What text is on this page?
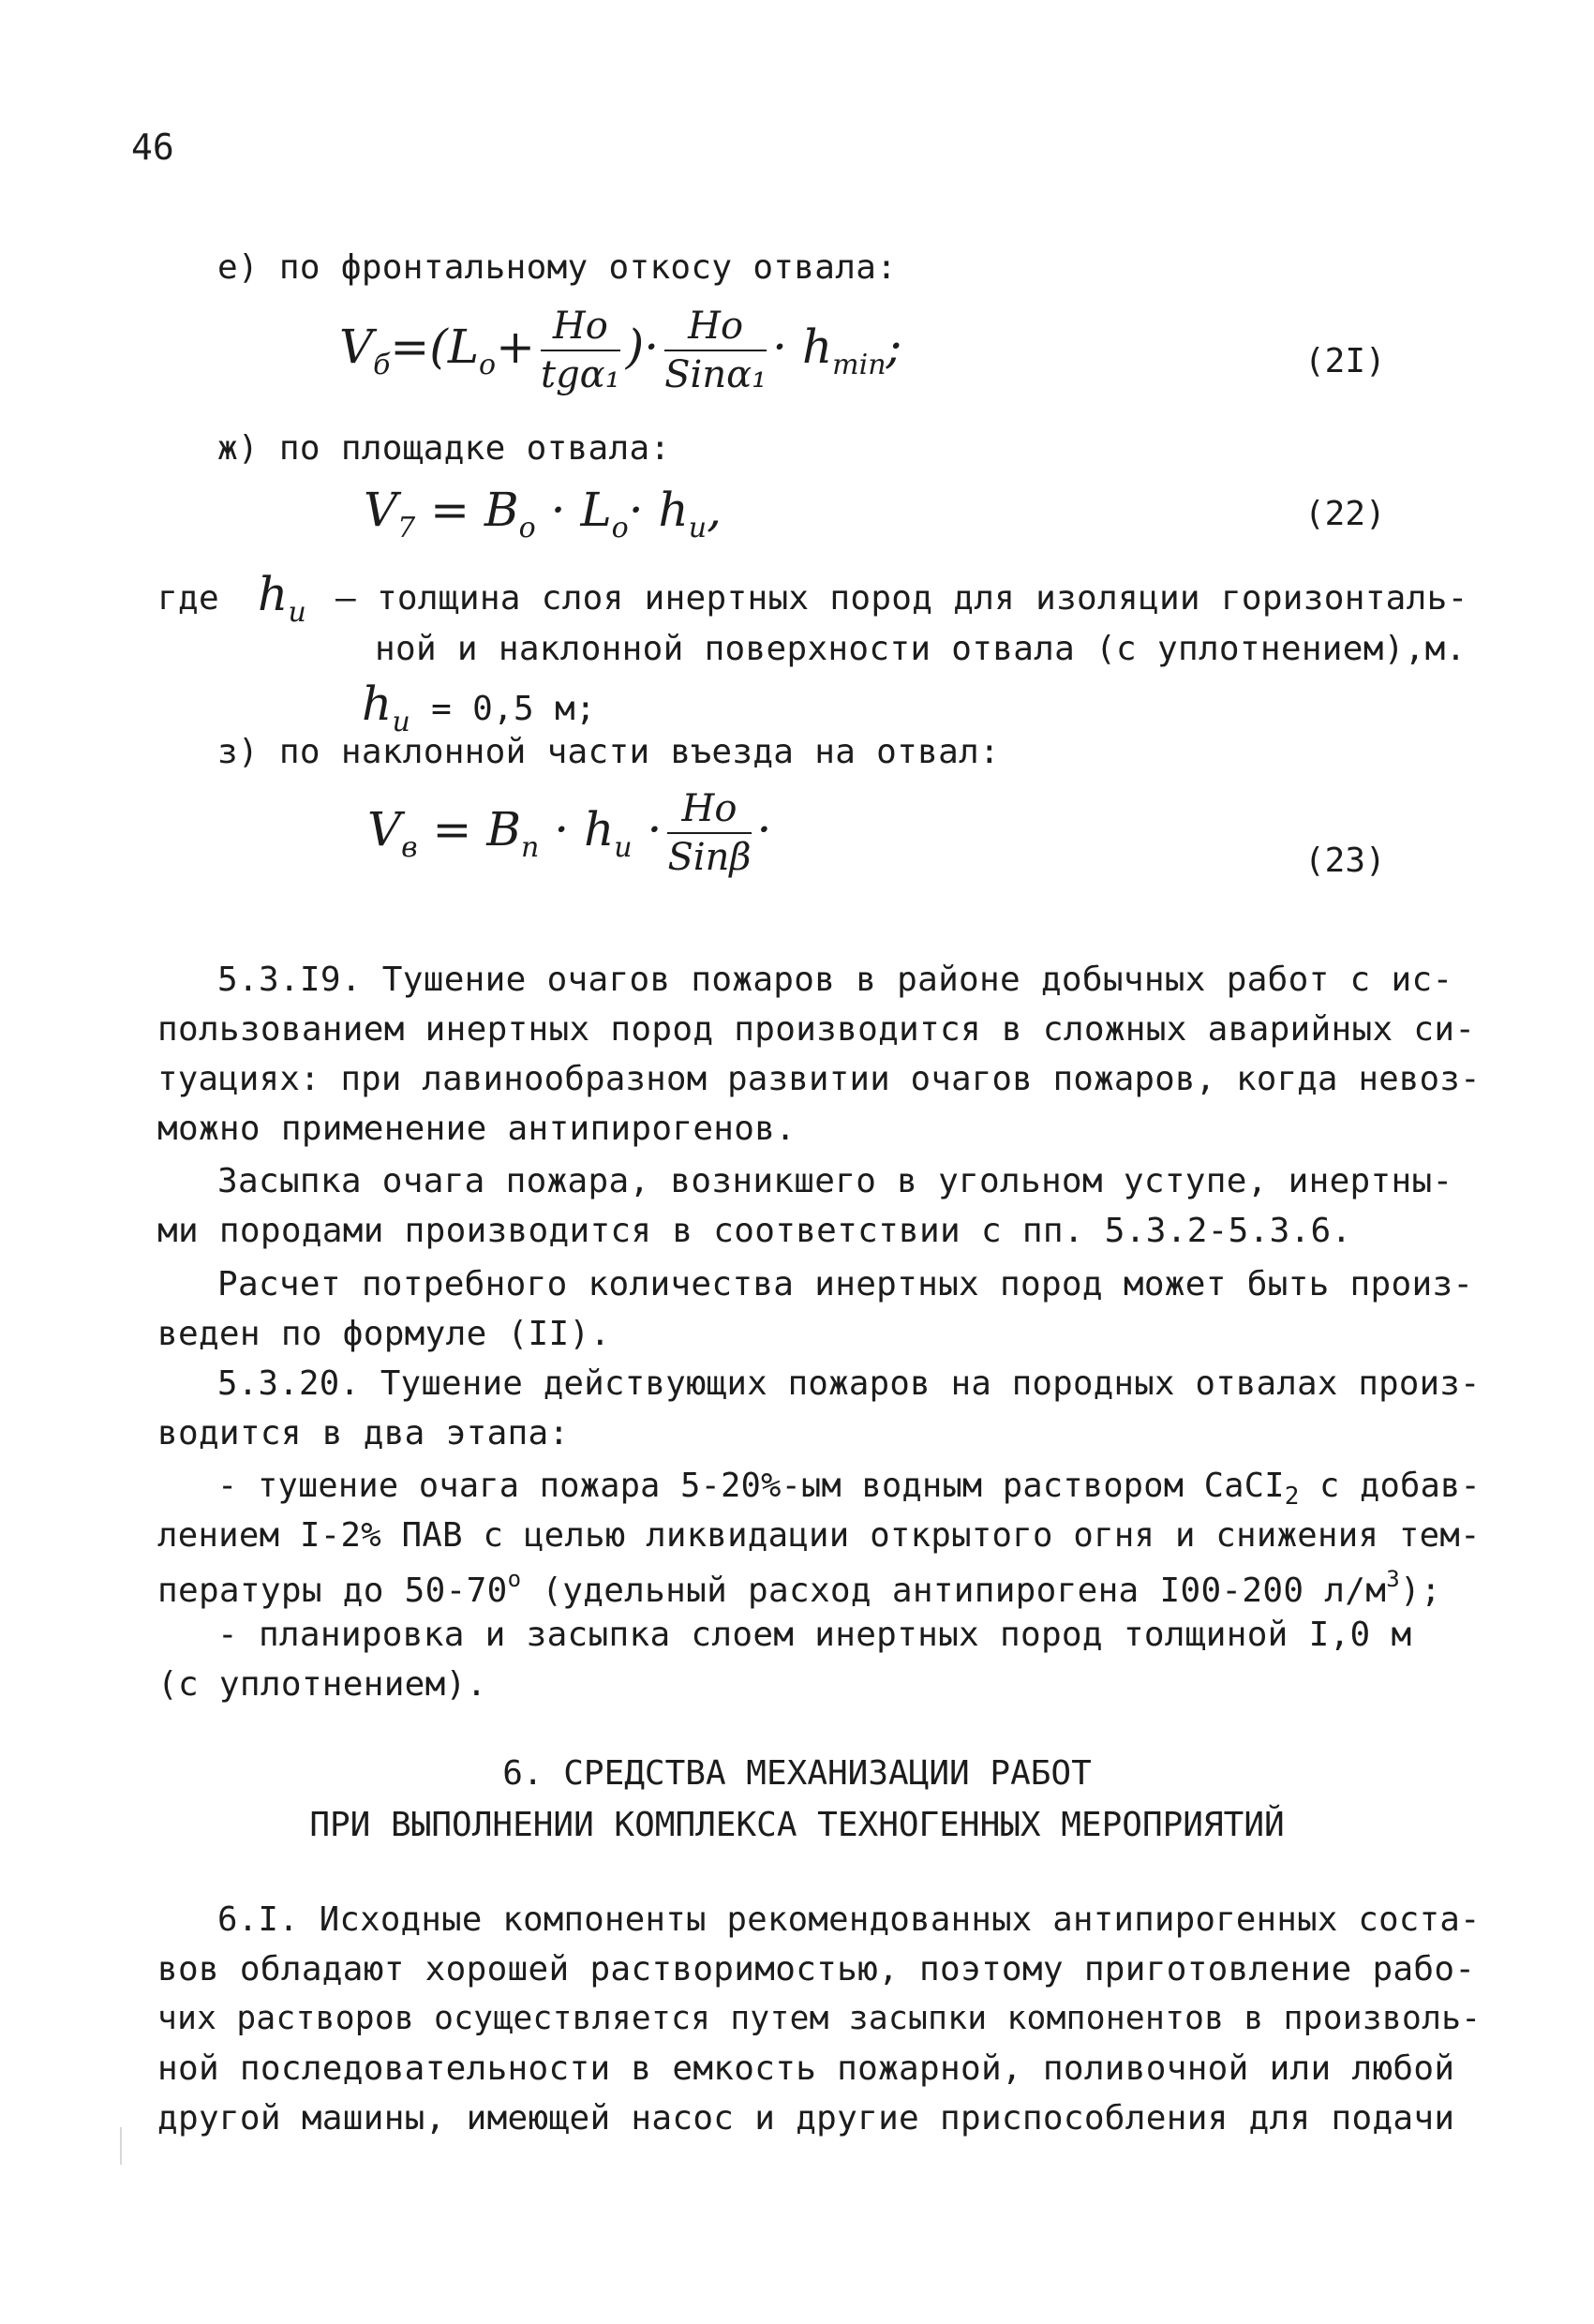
46
е) по фронтальному откосу отвала:
$V_б=(L_o+ \frac{Ho}{\text{tgα₁}}$ )· $\frac{Ho}{\text{Sinα₁}} \cdot h_{min}$;	(2I)
ж) по площадке отвала:
$V_7 = B_o \cdot L_o\cdot h_u$,	(22)
где $h_u$ – толщина слоя инертных пород для изоляции горизонталь-
ной и наклонной поверхности отвала (с уплотнением),м.
$h_u = 0,5$ м;
з) по наклонной части въезда на отвал:
$V_в = B_п \cdot h_u \cdot \frac{Ho}{\text{Sinβ}}$ ·
(23)
5.3.I9. Тушение очагов пожаров в районе добычных работ с ис-
пользованием инертных пород производится в сложных аварийных си-
туациях: при лавинообразном развитии очагов пожаров, когда невоз-
можно применение антипирогенов.
Засыпка очага пожара, возникшего в угольном уступе, инертны-
ми породами производится в соответствии с пп. 5.3.2-5.3.6.
Расчет потребного количества инертных пород может быть произ-
веден по формуле (II).
5.3.20. Тушение действующих пожаров на породных отвалах произ-
водится в два этапа:
- тушение очага пожара 5-20%-ым водным раствором CaCI$_2$ с добав-
лением I-2% ПАВ с целью ликвидации открытого огня и снижения тем-
пературы до 50-70$^o$ (удельный расход антипирогена I00-200 $л/м^3$);
- планировка и засыпка слоем инертных пород толщиной I,0 м
(с уплотнением).
6. СРЕДСТВА МЕХАНИЗАЦИИ РАБОТ
ПРИ ВЫПОЛНЕНИИ КОМПЛЕКСА ТЕХНОГЕННЫХ МЕРОПРИЯТИЙ
6.I. Исходные компоненты рекомендованных антипирогенных соста-
вов обладают хорошей растворимостью, поэтому приготовление рабо-
чих растворов осуществляется путем засыпки компонентов в произволь-
ной последовательности в емкость пожарной, поливочной или любой
другой машины, имеющей насос и другие приспособления для подачи
